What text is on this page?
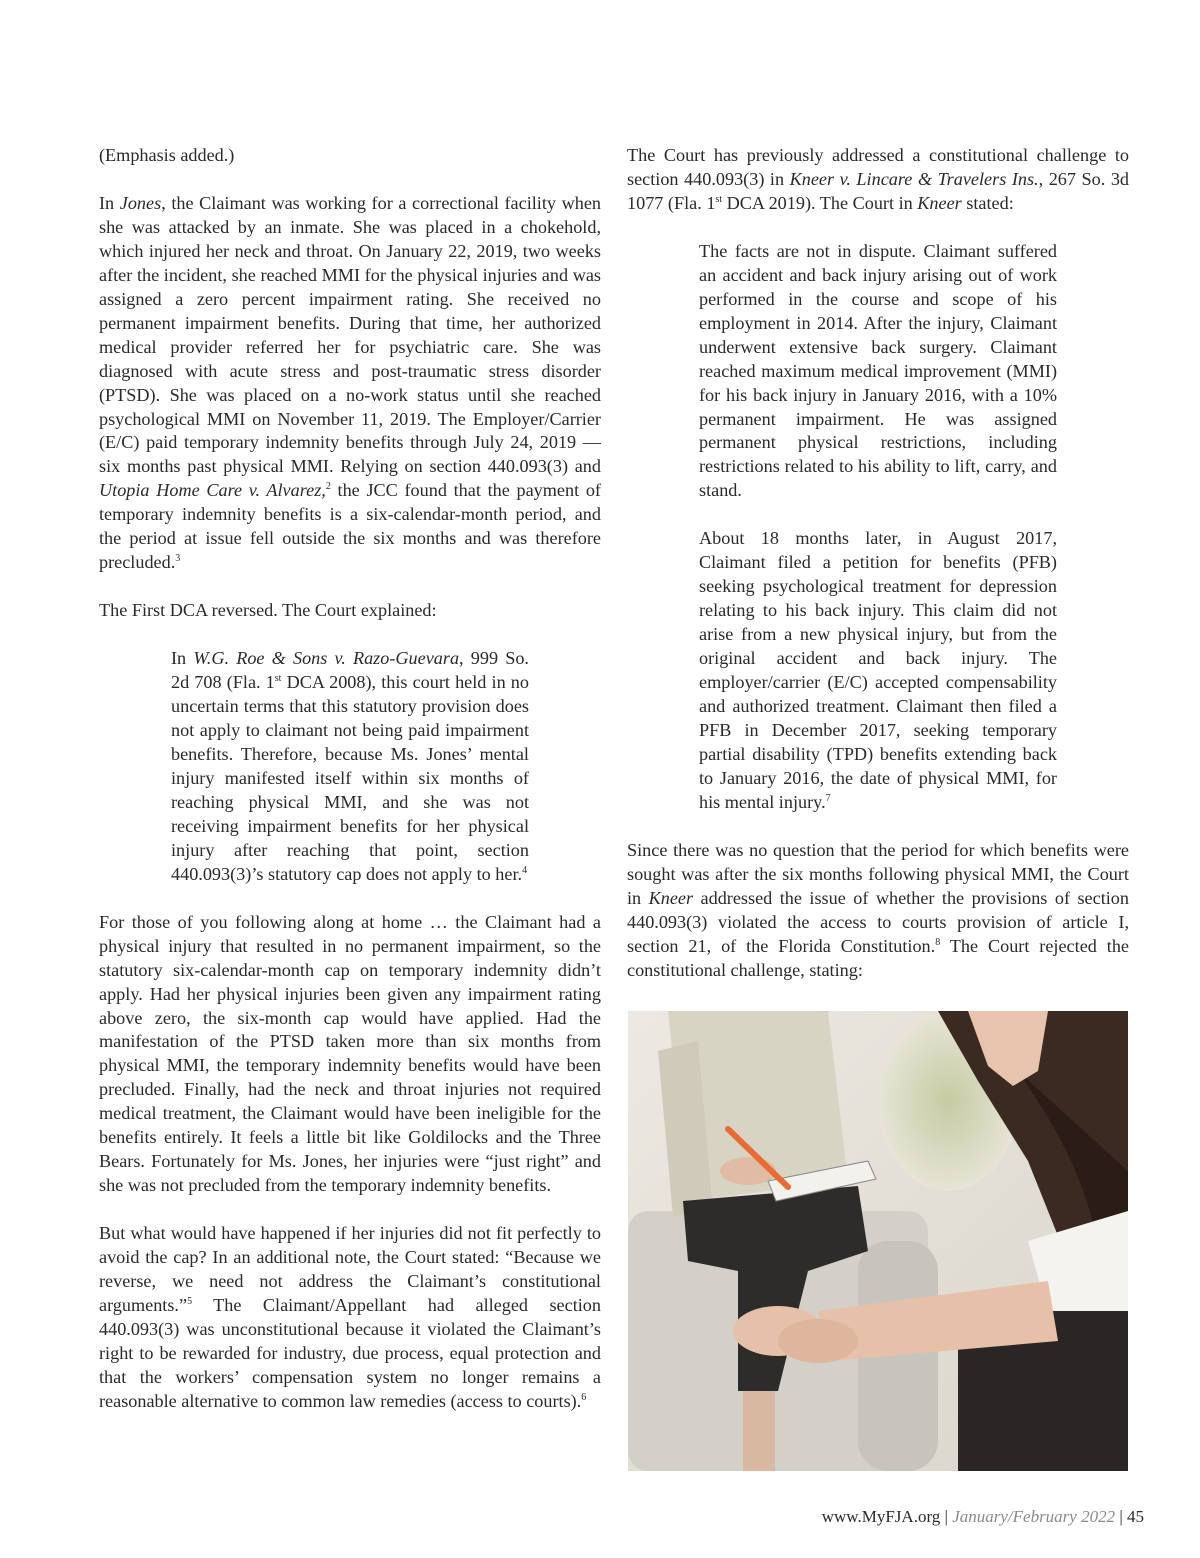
(Emphasis added.)

In Jones, the Claimant was working for a correctional facility when she was attacked by an inmate. She was placed in a chokehold, which injured her neck and throat. On January 22, 2019, two weeks after the incident, she reached MMI for the physical injuries and was assigned a zero percent impairment rating. She received no permanent impairment benefits. During that time, her authorized medical provider referred her for psychiatric care. She was diagnosed with acute stress and post-traumatic stress disorder (PTSD). She was placed on a no-work status until she reached psychological MMI on November 11, 2019. The Employer/Carrier (E/C) paid temporary indemnity benefits through July 24, 2019 — six months past physical MMI. Relying on section 440.093(3) and Utopia Home Care v. Alvarez,$^2$ the JCC found that the payment of temporary indemnity benefits is a six-calendar-month period, and the period at issue fell outside the six months and was therefore precluded.$^3$

The First DCA reversed. The Court explained:

In W.G. Roe & Sons v. Razo-Guevara, 999 So. 2d 708 (Fla. 1st DCA 2008), this court held in no uncertain terms that this statutory provision does not apply to claimant not being paid impairment benefits. Therefore, because Ms. Jones’ mental injury manifested itself within six months of reaching physical MMI, and she was not receiving impairment benefits for her physical injury after reaching that point, section 440.093(3)’s statutory cap does not apply to her.$^4$

For those of you following along at home … the Claimant had a physical injury that resulted in no permanent impairment, so the statutory six-calendar-month cap on temporary indemnity didn’t apply. Had her physical injuries been given any impairment rating above zero, the six-month cap would have applied. Had the manifestation of the PTSD taken more than six months from physical MMI, the temporary indemnity benefits would have been precluded. Finally, had the neck and throat injuries not required medical treatment, the Claimant would have been ineligible for the benefits entirely. It feels a little bit like Goldilocks and the Three Bears. Fortunately for Ms. Jones, her injuries were “just right” and she was not precluded from the temporary indemnity benefits.

But what would have happened if her injuries did not fit perfectly to avoid the cap? In an additional note, the Court stated: “Because we reverse, we need not address the Claimant’s constitutional arguments.”$^5$ The Claimant/Appellant had alleged section 440.093(3) was unconstitutional because it violated the Claimant’s right to be rewarded for industry, due process, equal protection and that the workers’ compensation system no longer remains a reasonable alternative to common law remedies (access to courts).$^6$

The Court has previously addressed a constitutional challenge to section 440.093(3) in Kneer v. Lincare & Travelers Ins., 267 So. 3d 1077 (Fla. 1st DCA 2019). The Court in Kneer stated:

The facts are not in dispute. Claimant suffered an accident and back injury arising out of work performed in the course and scope of his employment in 2014. After the injury, Claimant underwent extensive back surgery. Claimant reached maximum medical improvement (MMI) for his back injury in January 2016, with a 10% permanent impairment. He was assigned permanent physical restrictions, including restrictions related to his ability to lift, carry, and stand.

About 18 months later, in August 2017, Claimant filed a petition for benefits (PFB) seeking psychological treatment for depression relating to his back injury. This claim did not arise from a new physical injury, but from the original accident and back injury. The employer/carrier (E/C) accepted compensability and authorized treatment. Claimant then filed a PFB in December 2017, seeking temporary partial disability (TPD) benefits extending back to January 2016, the date of physical MMI, for his mental injury.$^7$

Since there was no question that the period for which benefits were sought was after the six months following physical MMI, the Court in Kneer addressed the issue of whether the provisions of section 440.093(3) violated the access to courts provision of article I, section 21, of the Florida Constitution.$^8$ The Court rejected the constitutional challenge, stating:

www.MyFJA.org | January/February 2022 | 45
